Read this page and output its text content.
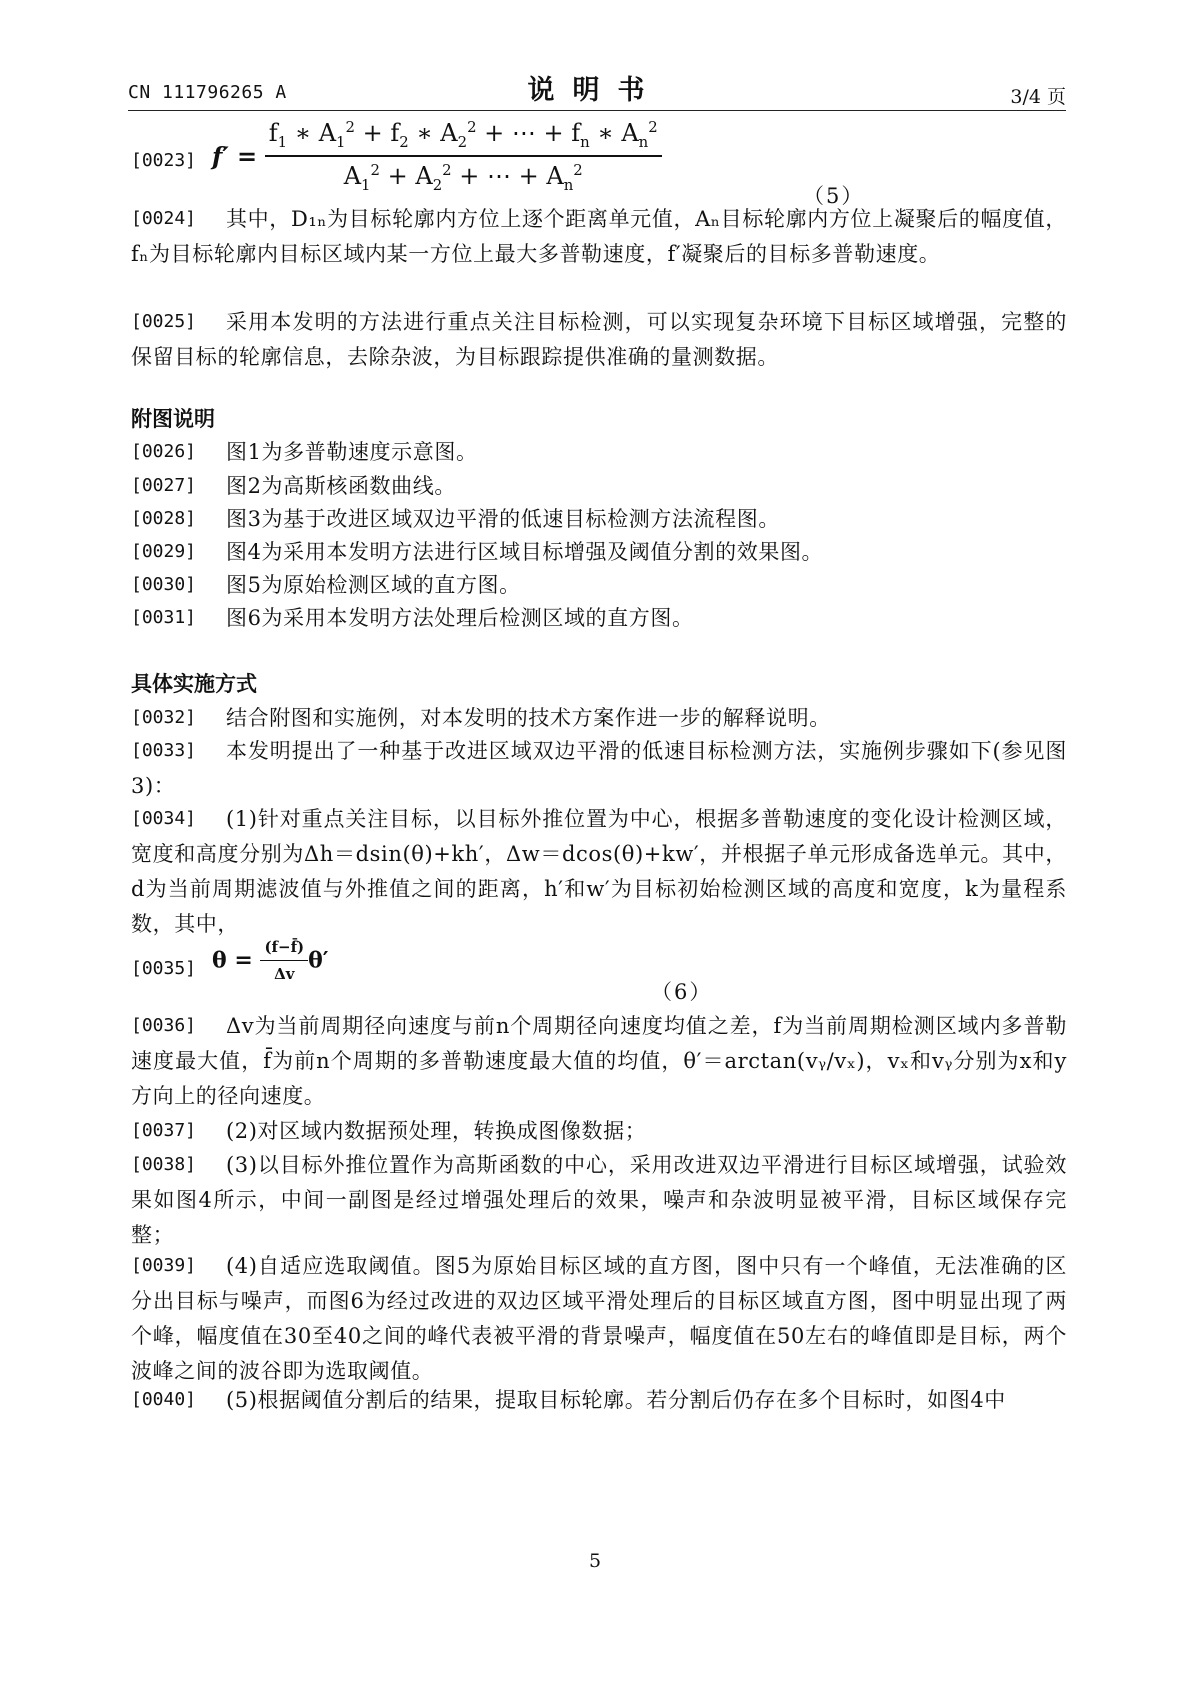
CN 111796265 A	说明书	3/4 页
[0023] $f' = \frac{f_1 ∗ A_1^2 + f_2 ∗ A_2^2 + \cdots + f_n ∗ A_n^2}{A_1^2 + A_2^2 + \cdots + A_n^2}$
（5）
[0024]	其中，D₁ₙ为目标轮廓内方位上逐个距离单元值，Aₙ目标轮廓内方位上凝聚后的幅度值，fₙ为目标轮廓内目标区域内某一方位上最大多普勒速度，f′凝聚后的目标多普勒速度。
[0025]	采用本发明的方法进行重点关注目标检测，可以实现复杂环境下目标区域增强，完整的保留目标的轮廓信息，去除杂波，为目标跟踪提供准确的量测数据。
附图说明
[0026]	图1为多普勒速度示意图。
[0027]	图2为高斯核函数曲线。
[0028]	图3为基于改进区域双边平滑的低速目标检测方法流程图。
[0029]	图4为采用本发明方法进行区域目标增强及阈值分割的效果图。
[0030]	图5为原始检测区域的直方图。
[0031]	图6为采用本发明方法处理后检测区域的直方图。
具体实施方式
[0032]	结合附图和实施例，对本发明的技术方案作进一步的解释说明。
[0033]	本发明提出了一种基于改进区域双边平滑的低速目标检测方法，实施例步骤如下(参见图3)：
[0034]	(1)针对重点关注目标，以目标外推位置为中心，根据多普勒速度的变化设计检测区域，宽度和高度分别为Δh＝dsin(θ)+kh′，Δw＝dcos(θ)+kw′，并根据子单元形成备选单元。其中，d为当前周期滤波值与外推值之间的距离，h′和w′为目标初始检测区域的高度和宽度，k为量程系数，其中，
[0035] $\theta = \frac{(f-f̄)}{\Delta v} \theta'$
（6）
[0036]	Δv为当前周期径向速度与前n个周期径向速度均值之差，f为当前周期检测区域内多普勒速度最大值，f̄为前n个周期的多普勒速度最大值的均值，θ′＝arctan(vᵧ/vₓ)，vₓ和vᵧ分别为x和y方向上的径向速度。
[0037]	(2)对区域内数据预处理，转换成图像数据；
[0038]	(3)以目标外推位置作为高斯函数的中心，采用改进双边平滑进行目标区域增强，试验效果如图4所示，中间一副图是经过增强处理后的效果，噪声和杂波明显被平滑，目标区域保存完整；
[0039]	(4)自适应选取阈值。图5为原始目标区域的直方图，图中只有一个峰值，无法准确的区分出目标与噪声，而图6为经过改进的双边区域平滑处理后的目标区域直方图，图中明显出现了两个峰，幅度值在30至40之间的峰代表被平滑的背景噪声，幅度值在50左右的峰值即是目标，两个波峰之间的波谷即为选取阈值。
[0040]	(5)根据阈值分割后的结果，提取目标轮廓。若分割后仍存在多个目标时，如图4中
5
